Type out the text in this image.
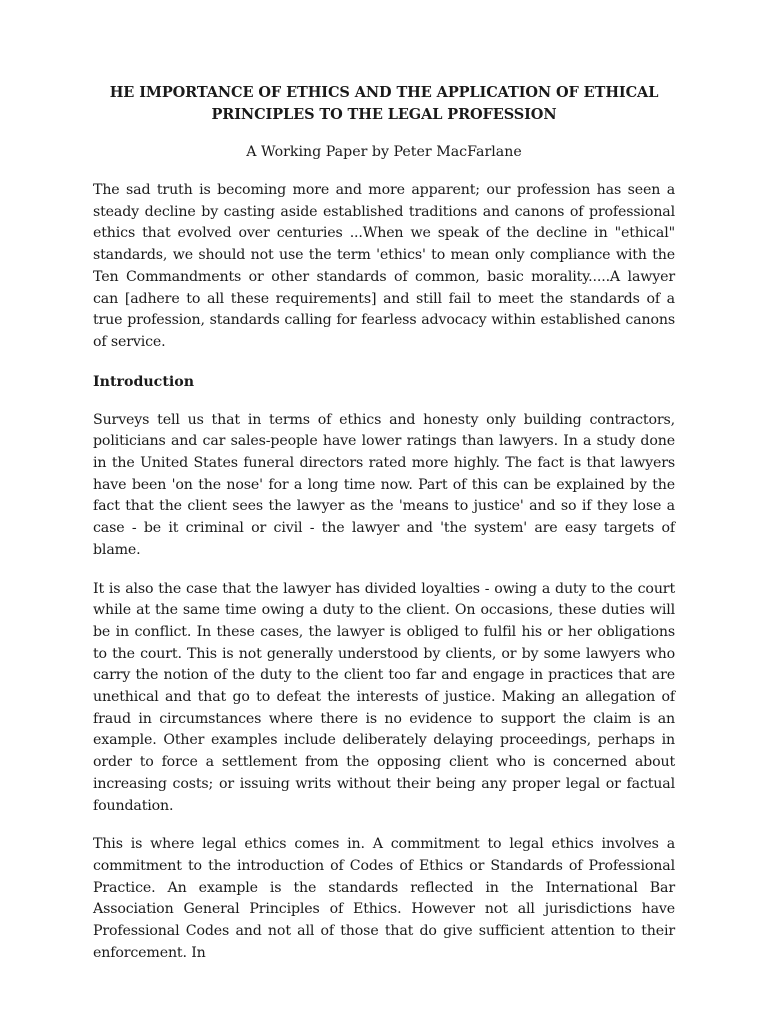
HE IMPORTANCE OF ETHICS AND THE APPLICATION OF ETHICAL PRINCIPLES TO THE LEGAL PROFESSION

A Working Paper by Peter MacFarlane

The sad truth is becoming more and more apparent; our profession has seen a steady decline by casting aside established traditions and canons of professional ethics that evolved over centuries ...When we speak of the decline in "ethical" standards, we should not use the term 'ethics' to mean only compliance with the Ten Commandments or other standards of common, basic morality.....A lawyer can [adhere to all these requirements] and still fail to meet the standards of a true profession, standards calling for fearless advocacy within established canons of service.

Introduction

Surveys tell us that in terms of ethics and honesty only building contractors, politicians and car sales-people have lower ratings than lawyers. In a study done in the United States funeral directors rated more highly. The fact is that lawyers have been 'on the nose' for a long time now. Part of this can be explained by the fact that the client sees the lawyer as the 'means to justice' and so if they lose a case - be it criminal or civil - the lawyer and 'the system' are easy targets of blame.

It is also the case that the lawyer has divided loyalties - owing a duty to the court while at the same time owing a duty to the client. On occasions, these duties will be in conflict. In these cases, the lawyer is obliged to fulfil his or her obligations to the court. This is not generally understood by clients, or by some lawyers who carry the notion of the duty to the client too far and engage in practices that are unethical and that go to defeat the interests of justice. Making an allegation of fraud in circumstances where there is no evidence to support the claim is an example. Other examples include deliberately delaying proceedings, perhaps in order to force a settlement from the opposing client who is concerned about increasing costs; or issuing writs without their being any proper legal or factual foundation.

This is where legal ethics comes in. A commitment to legal ethics involves a commitment to the introduction of Codes of Ethics or Standards of Professional Practice. An example is the standards reflected in the International Bar Association General Principles of Ethics. However not all jurisdictions have Professional Codes and not all of those that do give sufficient attention to their enforcement. In
